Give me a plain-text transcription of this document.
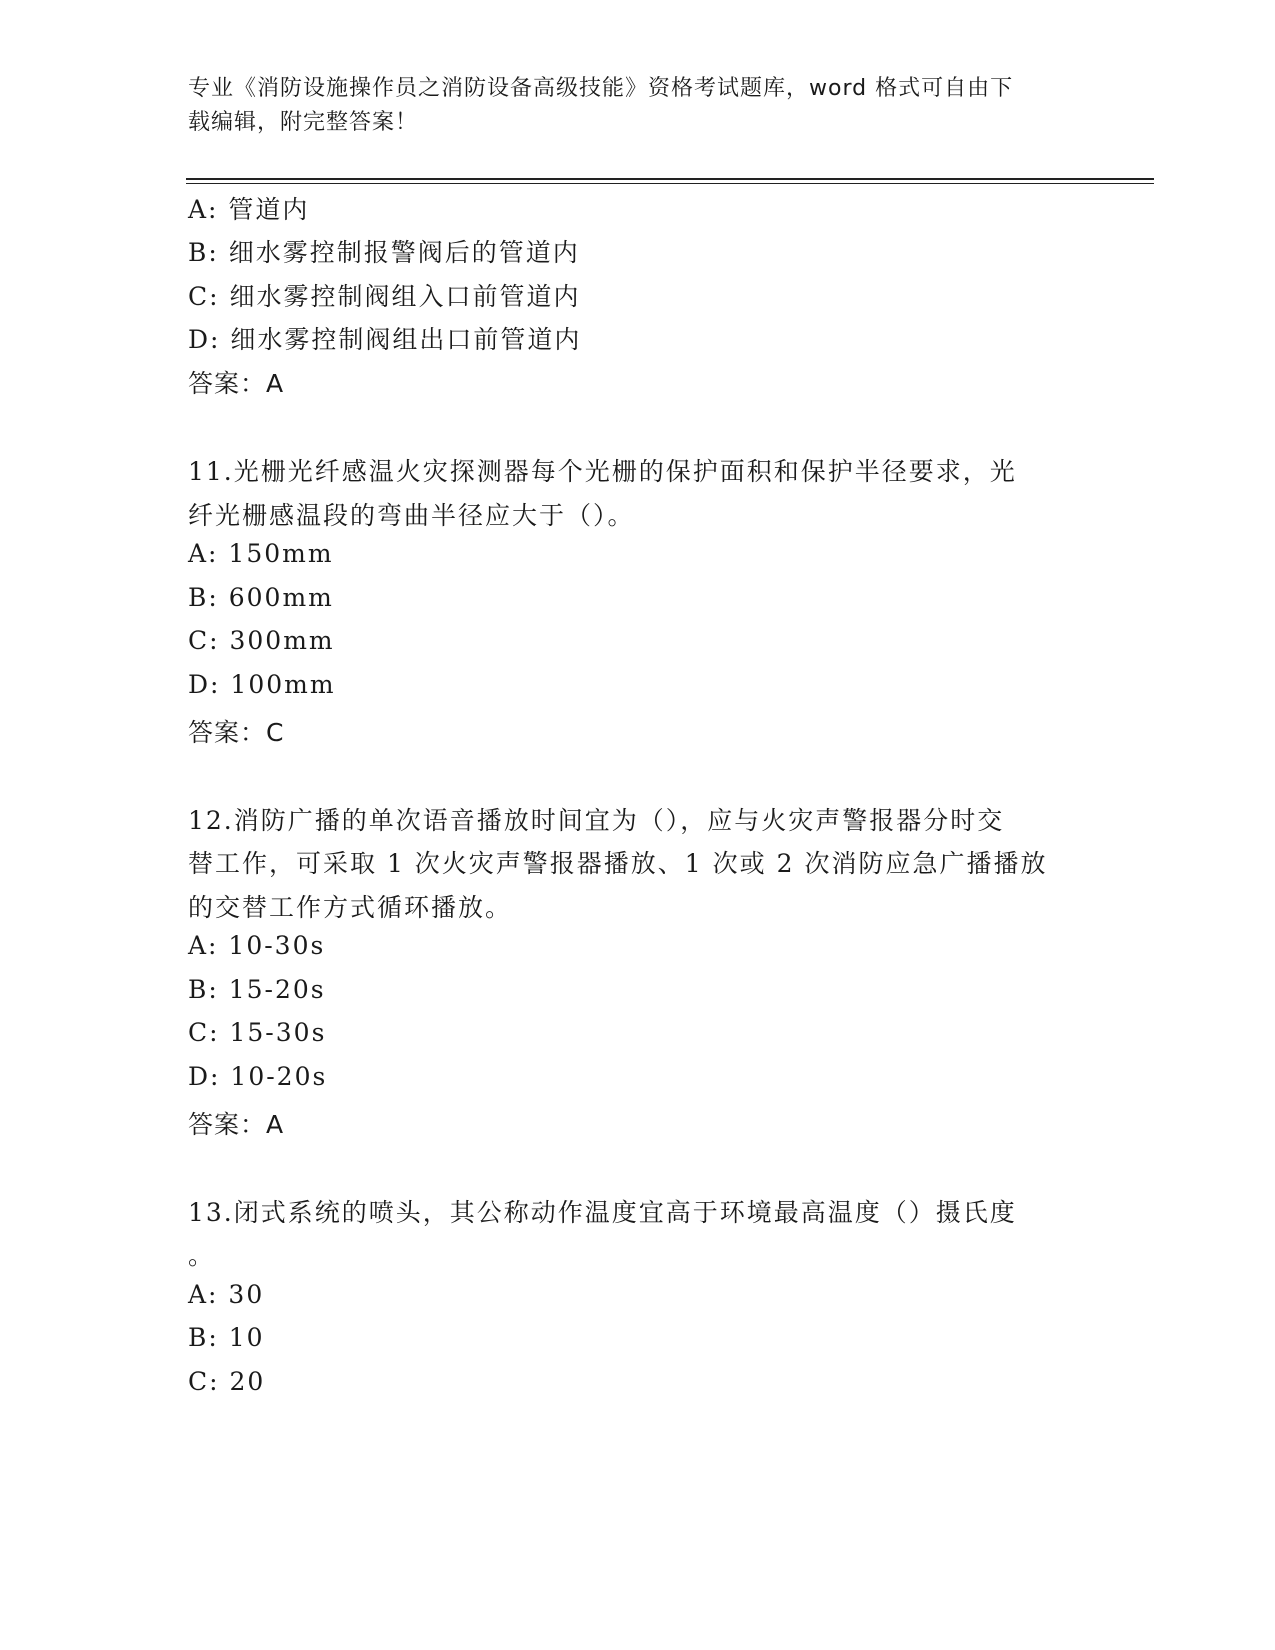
专业《消防设施操作员之消防设备高级技能》资格考试题库，word 格式可自由下
载编辑，附完整答案！
A: 管道内
B: 细水雾控制报警阀后的管道内
C: 细水雾控制阀组入口前管道内
D: 细水雾控制阀组出口前管道内
答案：A
11.光栅光纤感温火灾探测器每个光栅的保护面积和保护半径要求，光
纤光栅感温段的弯曲半径应大于（）。
A: 150mm
B: 600mm
C: 300mm
D: 100mm
答案：C
12.消防广播的单次语音播放时间宜为（），应与火灾声警报器分时交
替工作，可采取 1 次火灾声警报器播放、1 次或 2 次消防应急广播播放
的交替工作方式循环播放。
A: 10-30s
B: 15-20s
C: 15-30s
D: 10-20s
答案：A
13.闭式系统的喷头，其公称动作温度宜高于环境最高温度（）摄氏度
。
A: 30
B: 10
C: 20
